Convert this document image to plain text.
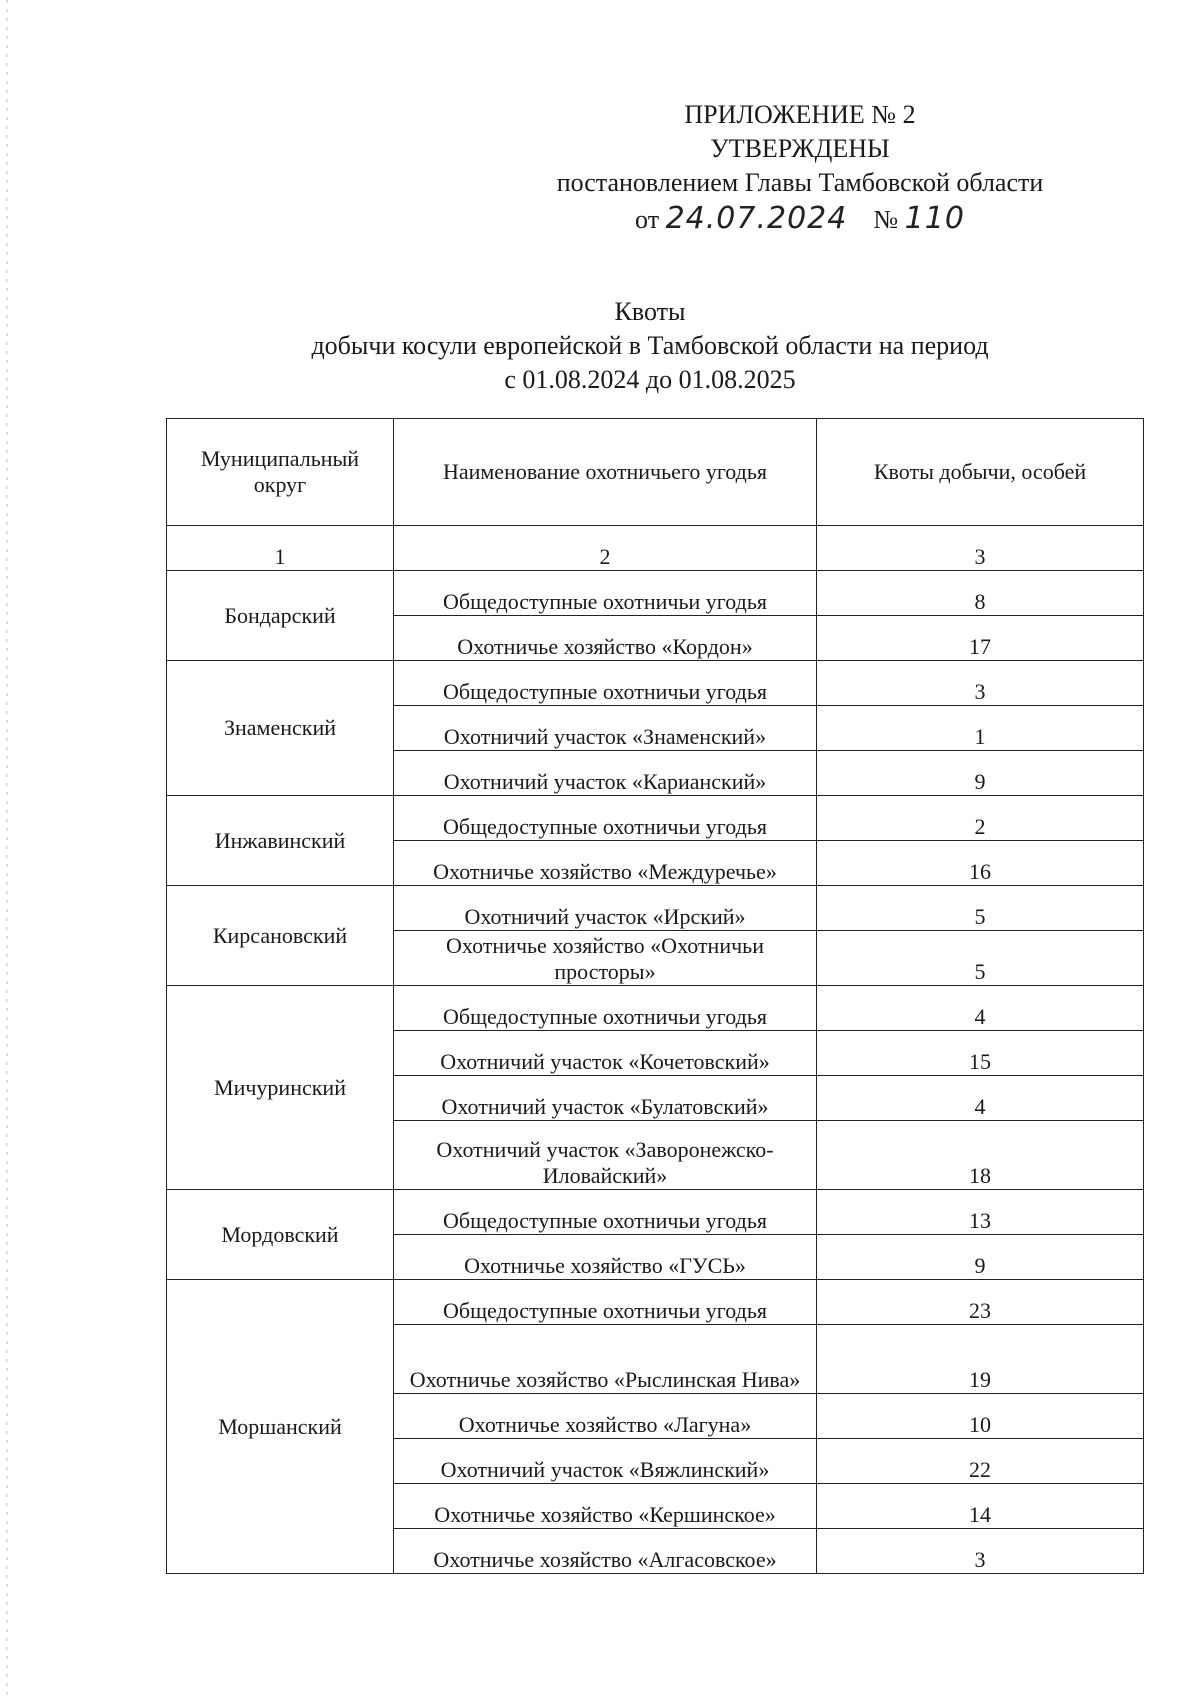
ПРИЛОЖЕНИЕ № 2
УТВЕРЖДЕНЫ
постановлением Главы Тамбовской области
от 24.07.2024 № 110
Квоты
добычи косули европейской в Тамбовской области на период
с 01.08.2024 до 01.08.2025
Муниципальный округ	Наименование охотничьего угодья	Квоты добычи, особей
1	2	3
Бондарский	Общедоступные охотничьи угодья	8
	Охотничье хозяйство «Кордон»	17
Знаменский	Общедоступные охотничьи угодья	3
	Охотничий участок «Знаменский»	1
	Охотничий участок «Карианский»	9
Инжавинский	Общедоступные охотничьи угодья	2
	Охотничье хозяйство «Междуречье»	16
Кирсановский	Охотничий участок «Ирский»	5
	Охотничье хозяйство «Охотничьи просторы»	5
Мичуринский	Общедоступные охотничьи угодья	4
	Охотничий участок «Кочетовский»	15
	Охотничий участок «Булатовский»	4
	Охотничий участок «Заворонежско-Иловайский»	18
Мордовский	Общедоступные охотничьи угодья	13
	Охотничье хозяйство «ГУСЬ»	9
Моршанский	Общедоступные охотничьи угодья	23
	Охотничье хозяйство «Рыслинская Нива»	19
	Охотничье хозяйство «Лагуна»	10
	Охотничий участок «Вяжлинский»	22
	Охотничье хозяйство «Кершинское»	14
	Охотничье хозяйство «Алгасовское»	3
